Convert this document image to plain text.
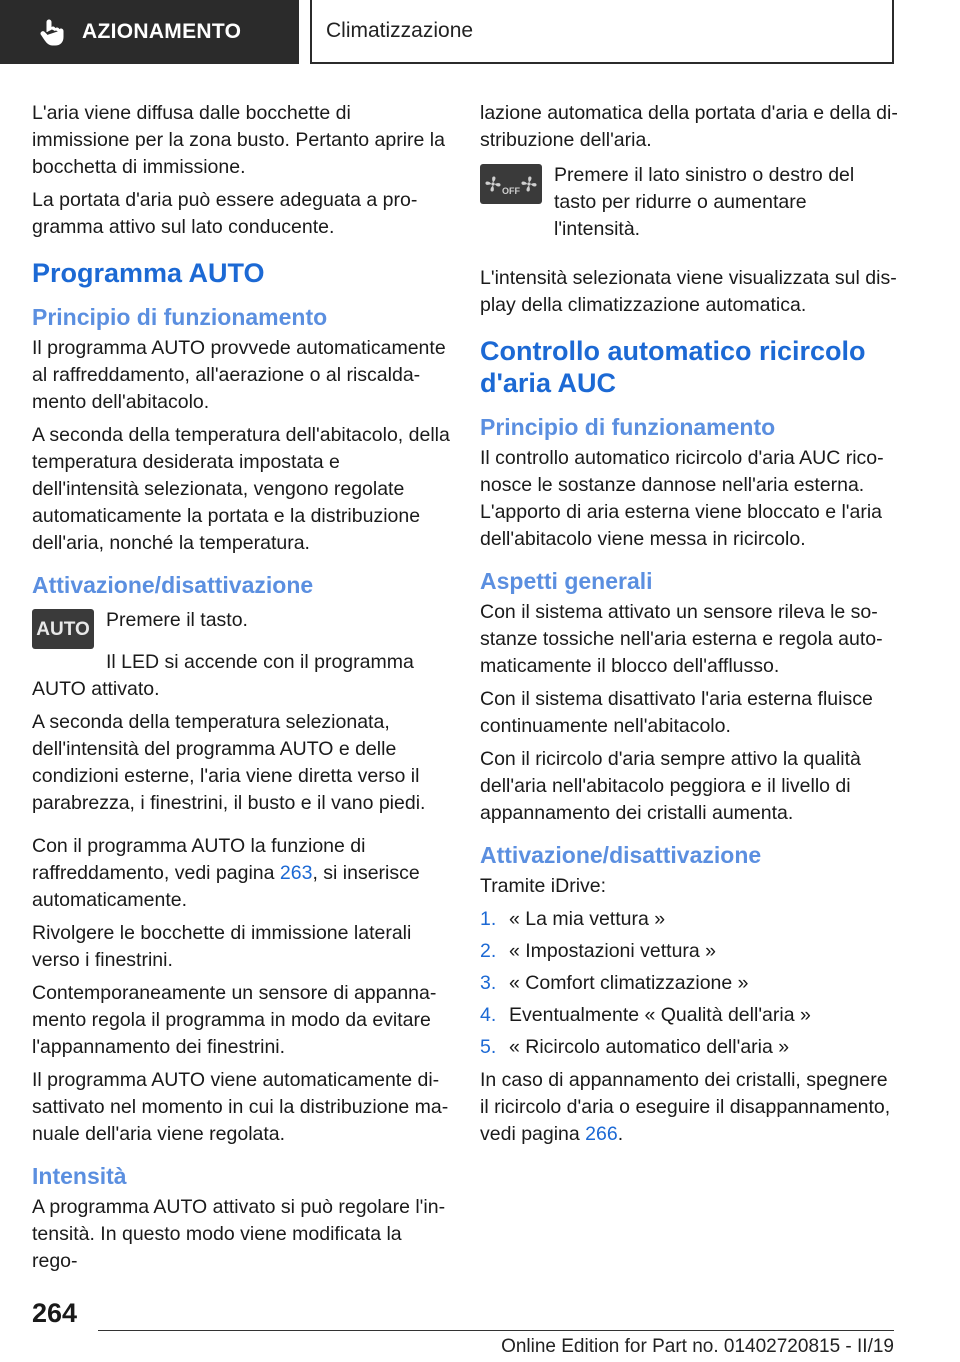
AZIONAMENTO	Climatizzazione

L'aria viene diffusa dalle bocchette di immissione per la zona busto. Pertanto aprire la bocchetta di immissione.

La portata d'aria può essere adeguata a programma attivo sul lato conducente.

Programma AUTO
Principio di funzionamento

Il programma AUTO provvede automaticamente al raffreddamento, all'aerazione o al riscaldamento dell'abitacolo.

A seconda della temperatura dell'abitacolo, della temperatura desiderata impostata e dell'intensità selezionata, vengono regolate automaticamente la portata e la distribuzione dell'aria, nonché la temperatura.

Attivazione/disattivazione
AUTO Premere il tasto.

Il LED si accende con il programma AUTO attivato.

A seconda della temperatura selezionata, dell'intensità del programma AUTO e delle condizioni esterne, l'aria viene diretta verso il parabrezza, i finestrini, il busto e il vano piedi.

Con il programma AUTO la funzione di raffreddamento, vedi pagina 263, si inserisce automaticamente.

Rivolgere le bocchette di immissione laterali verso i finestrini.

Contemporaneamente un sensore di appannamento regola il programma in modo da evitare l'appannamento dei finestrini.

Il programma AUTO viene automaticamente disattivato nel momento in cui la distribuzione manuale dell'aria viene regolata.

Intensità

A programma AUTO attivato si può regolare l'intensità. In questo modo viene modificata la rego-

lazione automatica della portata d'aria e della distribuzione dell'aria.

OFF

Premere il lato sinistro o destro del tasto per ridurre o aumentare l'intensità.

L'intensità selezionata viene visualizzata sul display della climatizzazione automatica.

Controllo automatico ricircolo d'aria AUC
Principio di funzionamento

Il controllo automatico ricircolo d'aria AUC riconosce le sostanze dannose nell'aria esterna. L'apporto di aria esterna viene bloccato e l'aria dell'abitacolo viene messa in ricircolo.

Aspetti generali

Con il sistema attivato un sensore rileva le sostanze tossiche nell'aria esterna e regola automaticamente il blocco dell'afflusso.

Con il sistema disattivato l'aria esterna fluisce continuamente nell'abitacolo.

Con il ricircolo d'aria sempre attivo la qualità dell'aria nell'abitacolo peggiora e il livello di appannamento dei cristalli aumenta.

Attivazione/disattivazione

Tramite iDrive:

1. « La mia vettura »
2. « Impostazioni vettura »
3. « Comfort climatizzazione »
4. Eventualmente « Qualità dell'aria »
5. « Ricircolo automatico dell'aria »

In caso di appannamento dei cristalli, spegnere il ricircolo d'aria o eseguire il disappannamento, vedi pagina 266.

264
Online Edition for Part no. 01402720815 - II/19
